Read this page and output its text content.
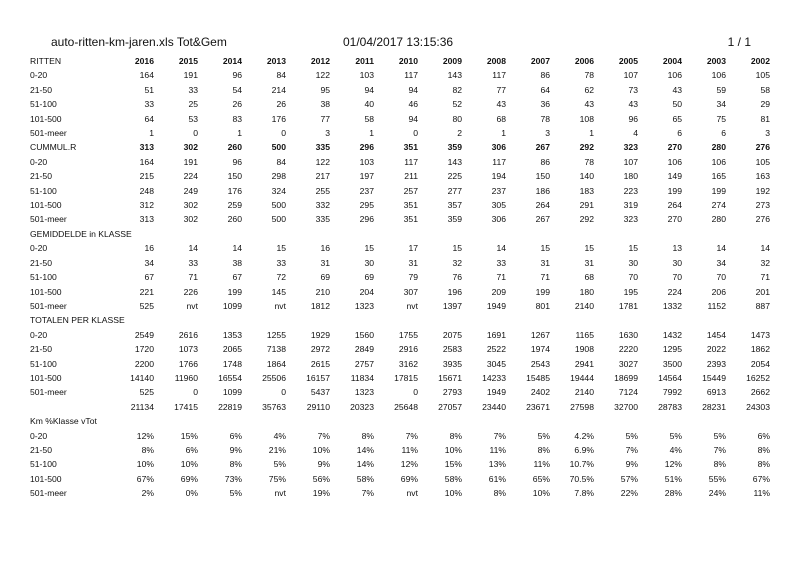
auto-ritten-km-jaren.xls Tot&Gem	01/04/2017 13:15:36	1 / 1
RITTEN	2016	2015	2014	2013	2012	2011	2010	2009	2008	2007	2006	2005	2004	2003	2002
0-20	164	191	96	84	122	103	117	143	117	86	78	107	106	106	105
21-50	51	33	54	214	95	94	94	82	77	64	62	73	43	59	58
51-100	33	25	26	26	38	40	46	52	43	36	43	43	50	34	29
101-500	64	53	83	176	77	58	94	80	68	78	108	96	65	75	81
501-meer	1	0	1	0	3	1	0	2	1	3	1	4	6	6	3
CUMMUL.R	313	302	260	500	335	296	351	359	306	267	292	323	270	280	276
0-20	164	191	96	84	122	103	117	143	117	86	78	107	106	106	105
21-50	215	224	150	298	217	197	211	225	194	150	140	180	149	165	163
51-100	248	249	176	324	255	237	257	277	237	186	183	223	199	199	192
101-500	312	302	259	500	332	295	351	357	305	264	291	319	264	274	273
501-meer	313	302	260	500	335	296	351	359	306	267	292	323	270	280	276
GEMIDDELDE in KLASSE															
0-20	16	14	14	15	16	15	17	15	14	15	15	15	13	14	14
21-50	34	33	38	33	31	30	31	32	33	31	31	30	30	34	32
51-100	67	71	67	72	69	69	79	76	71	71	68	70	70	70	71
101-500	221	226	199	145	210	204	307	196	209	199	180	195	224	206	201
501-meer	525	nvt	1099	nvt	1812	1323	nvt	1397	1949	801	2140	1781	1332	1152	887
TOTALEN PER KLASSE															
0-20	2549	2616	1353	1255	1929	1560	1755	2075	1691	1267	1165	1630	1432	1454	1473
21-50	1720	1073	2065	7138	2972	2849	2916	2583	2522	1974	1908	2220	1295	2022	1862
51-100	2200	1766	1748	1864	2615	2757	3162	3935	3045	2543	2941	3027	3500	2393	2054
101-500	14140	11960	16554	25506	16157	11834	17815	15671	14233	15485	19444	18699	14564	15449	16252
501-meer	525	0	1099	0	5437	1323	0	2793	1949	2402	2140	7124	7992	6913	2662
	21134	17415	22819	35763	29110	20323	25648	27057	23440	23671	27598	32700	28783	28231	24303
Km %Klasse vTot															
0-20	12%	15%	6%	4%	7%	8%	7%	8%	7%	5%	4.2%	5%	5%	5%	6%
21-50	8%	6%	9%	21%	10%	14%	11%	10%	11%	8%	6.9%	7%	4%	7%	8%
51-100	10%	10%	8%	5%	9%	14%	12%	15%	13%	11%	10.7%	9%	12%	8%	8%
101-500	67%	69%	73%	75%	56%	58%	69%	58%	61%	65%	70.5%	57%	51%	55%	67%
501-meer	2%	0%	5%	nvt	19%	7%	nvt	10%	8%	10%	7.8%	22%	28%	24%	11%
